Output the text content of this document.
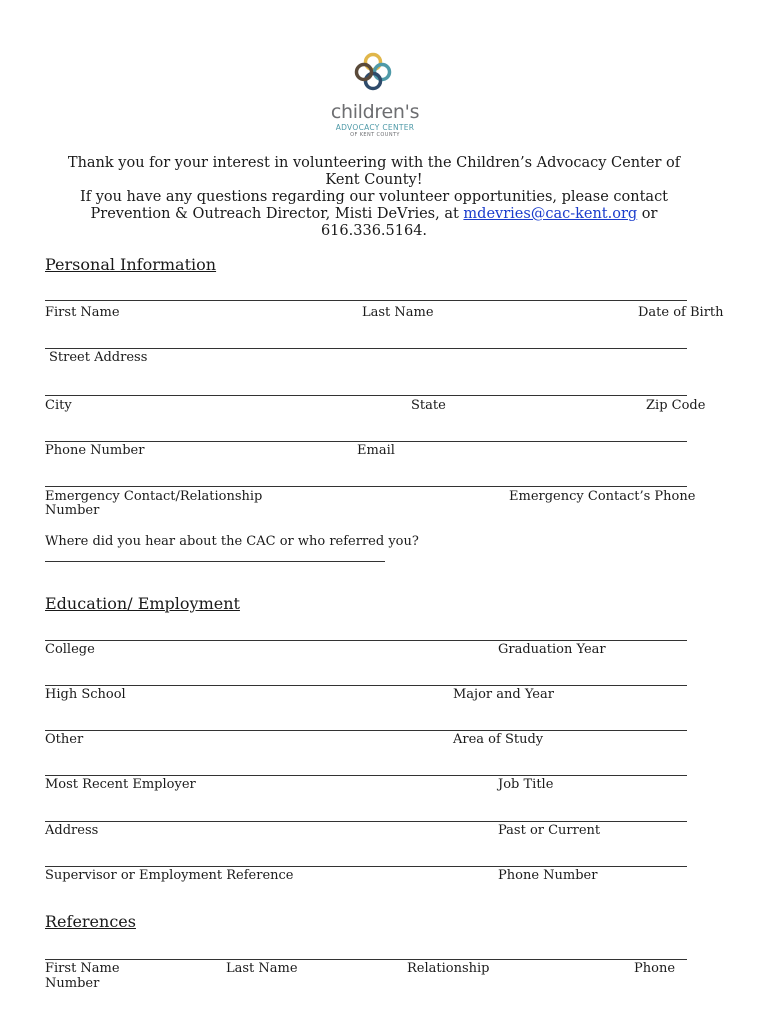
children's
ADVOCACY CENTER
OF KENT COUNTY
Thank you for your interest in volunteering with the Children’s Advocacy Center of Kent County!
If you have any questions regarding our volunteer opportunities, please contact Prevention & Outreach Director, Misti DeVries, at mdevries@cac-kent.org or 616.336.5164.
Personal Information
First Name	Last Name	Date of Birth
Street Address
City	State	Zip Code
Phone Number	Email
Emergency Contact/Relationship	Emergency Contact’s Phone
Number
Where did you hear about the CAC or who referred you?
Education/ Employment
College	Graduation Year
High School	Major and Year
Other	Area of Study
Most Recent Employer	Job Title
Address	Past or Current
Supervisor or Employment Reference	Phone Number
References
First Name	Last Name	Relationship	Phone
Number
